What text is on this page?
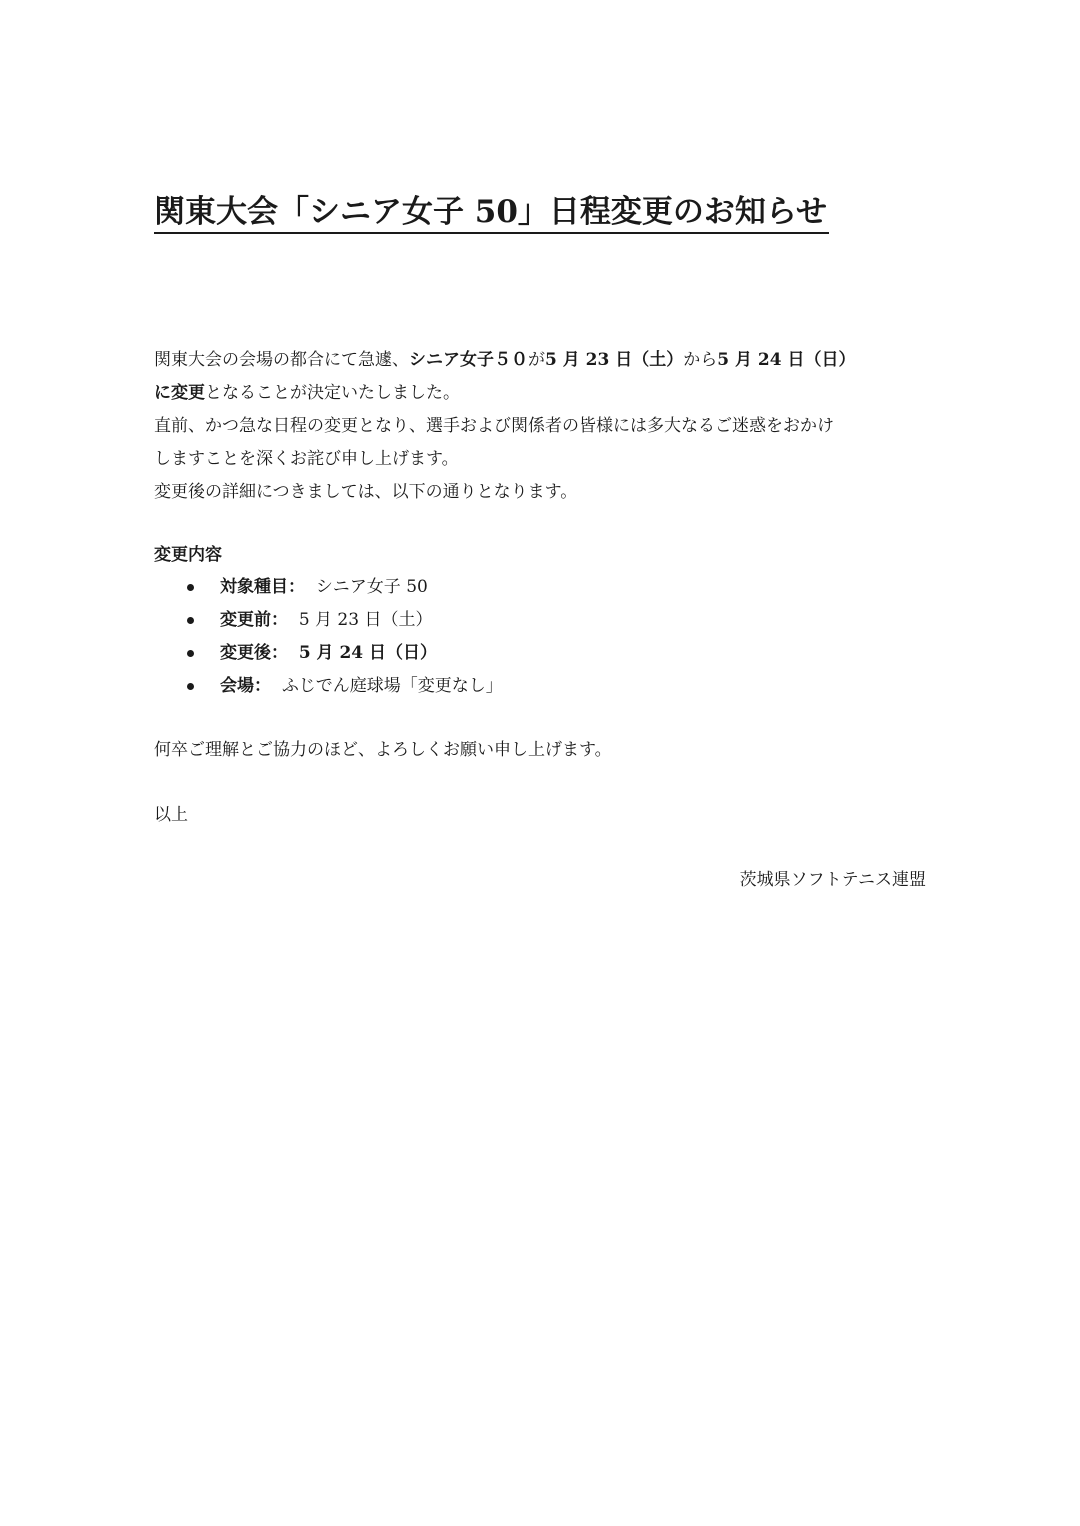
関東大会「シニア女子 50」日程変更のお知らせ

関東大会の会場の都合にて急遽、シニア女子５０が5 月 23 日（土）から5 月 24 日（日）

に変更となることが決定いたしました。

直前、かつ急な日程の変更となり、選手および関係者の皆様には多大なるご迷惑をおかけ

しますことを深くお詫び申し上げます。

変更後の詳細につきましては、以下の通りとなります。

変更内容
対象種目： シニア女子 50
変更前： 5 月 23 日（土）
変更後： 5 月 24 日（日）
会場： ふじでん庭球場「変更なし」

何卒ご理解とご協力のほど、よろしくお願い申し上げます。

以上

茨城県ソフトテニス連盟
